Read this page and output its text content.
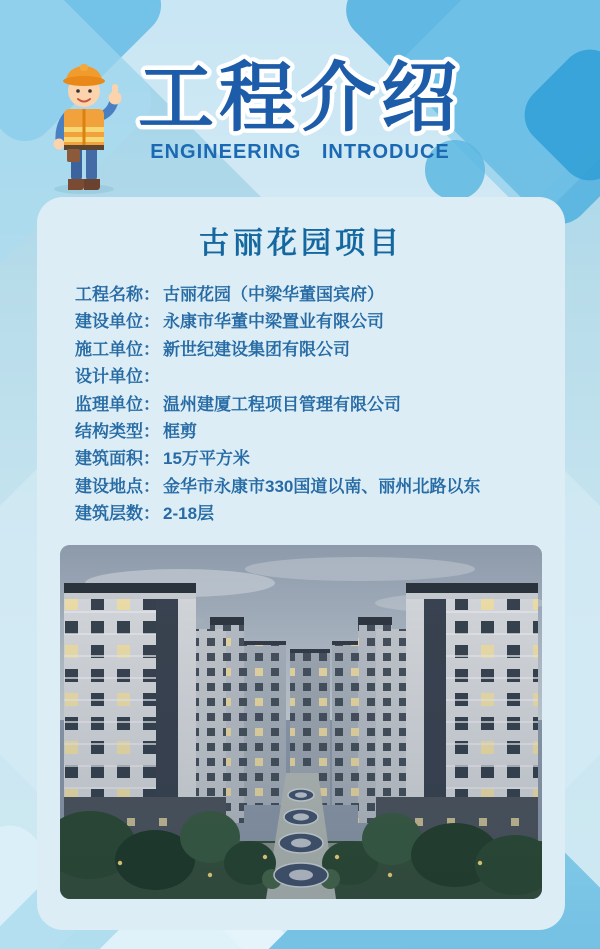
工程介绍
ENGINEERING INTRODUCE
古丽花园项目
工程名称： 古丽花园（中梁华董国宾府）
建设单位： 永康市华董中梁置业有限公司
施工单位： 新世纪建设集团有限公司
设计单位：
监理单位： 温州建厦工程项目管理有限公司
结构类型： 框剪
建筑面积： 15万平方米
建设地点： 金华市永康市330国道以南、丽州北路以东
建筑层数： 2-18层
